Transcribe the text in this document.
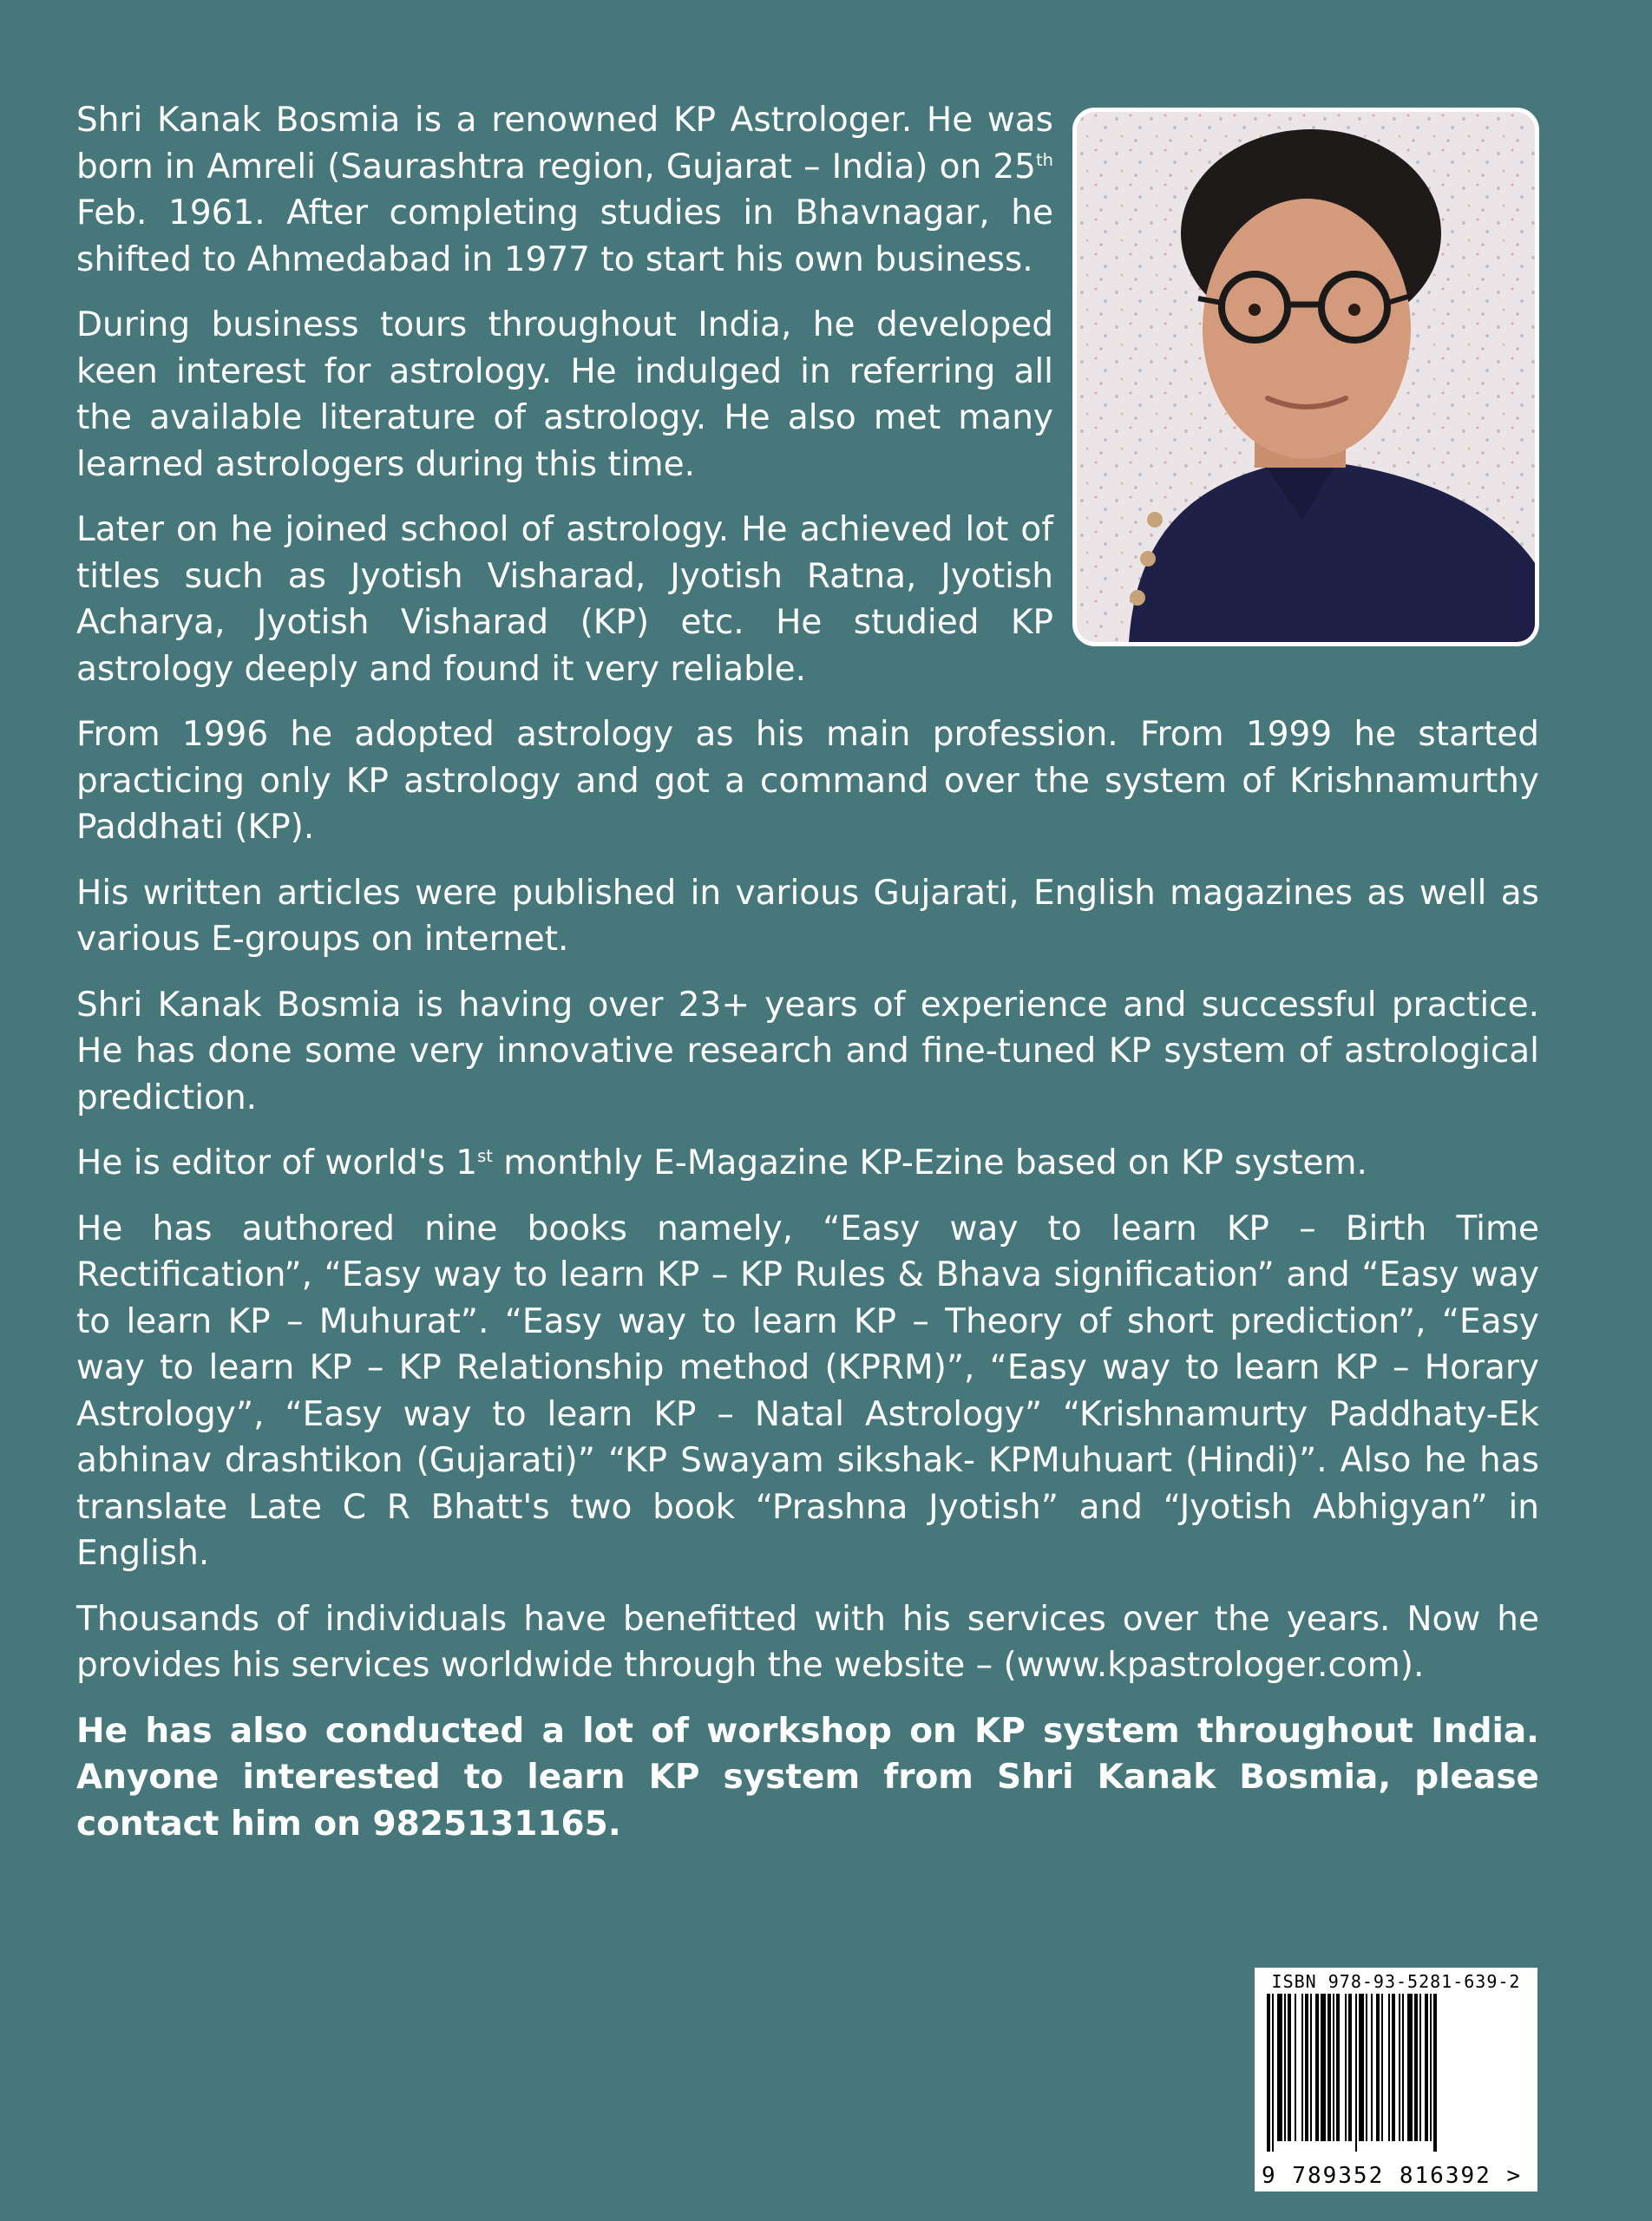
Shri Kanak Bosmia is a renowned KP Astrologer. He was born in Amreli (Saurashtra region, Gujarat – India) on 25th Feb. 1961. After completing studies in Bhavnagar, he shifted to Ahmedabad in 1977 to start his own business.

During business tours throughout India, he developed keen interest for astrology. He indulged in referring all the available literature of astrology. He also met many learned astrologers during this time.

Later on he joined school of astrology. He achieved lot of titles such as Jyotish Visharad, Jyotish Ratna, Jyotish Acharya, Jyotish Visharad (KP) etc. He studied KP astrology deeply and found it very reliable.

From 1996 he adopted astrology as his main profession. From 1999 he started practicing only KP astrology and got a command over the system of Krishnamurthy Paddhati (KP).

His written articles were published in various Gujarati, English magazines as well as various E-groups on internet.

Shri Kanak Bosmia is having over 23+ years of experience and successful practice. He has done some very innovative research and fine-tuned KP system of astrological prediction.

He is editor of world's 1st monthly E-Magazine KP-Ezine based on KP system.

He has authored nine books namely, “Easy way to learn KP – Birth Time Rectification”, “Easy way to learn KP – KP Rules & Bhava signification” and “Easy way to learn KP – Muhurat”. “Easy way to learn KP – Theory of short prediction”, “Easy way to learn KP – KP Relationship method (KPRM)”, “Easy way to learn KP – Horary Astrology”, “Easy way to learn KP – Natal Astrology” “Krishnamurty Paddhaty-Ek abhinav drashtikon (Gujarati)” “KP Swayam sikshak- KPMuhuart (Hindi)”. Also he has translate Late C R Bhatt's two book “Prashna Jyotish” and “Jyotish Abhigyan” in English.

Thousands of individuals have benefitted with his services over the years. Now he provides his services worldwide through the website – (www.kpastrologer.com).

He has also conducted a lot of workshop on KP system throughout India. Anyone interested to learn KP system from Shri Kanak Bosmia, please contact him on 9825131165.

ISBN 978-93-5281-639-2
9 789352 816392 >
